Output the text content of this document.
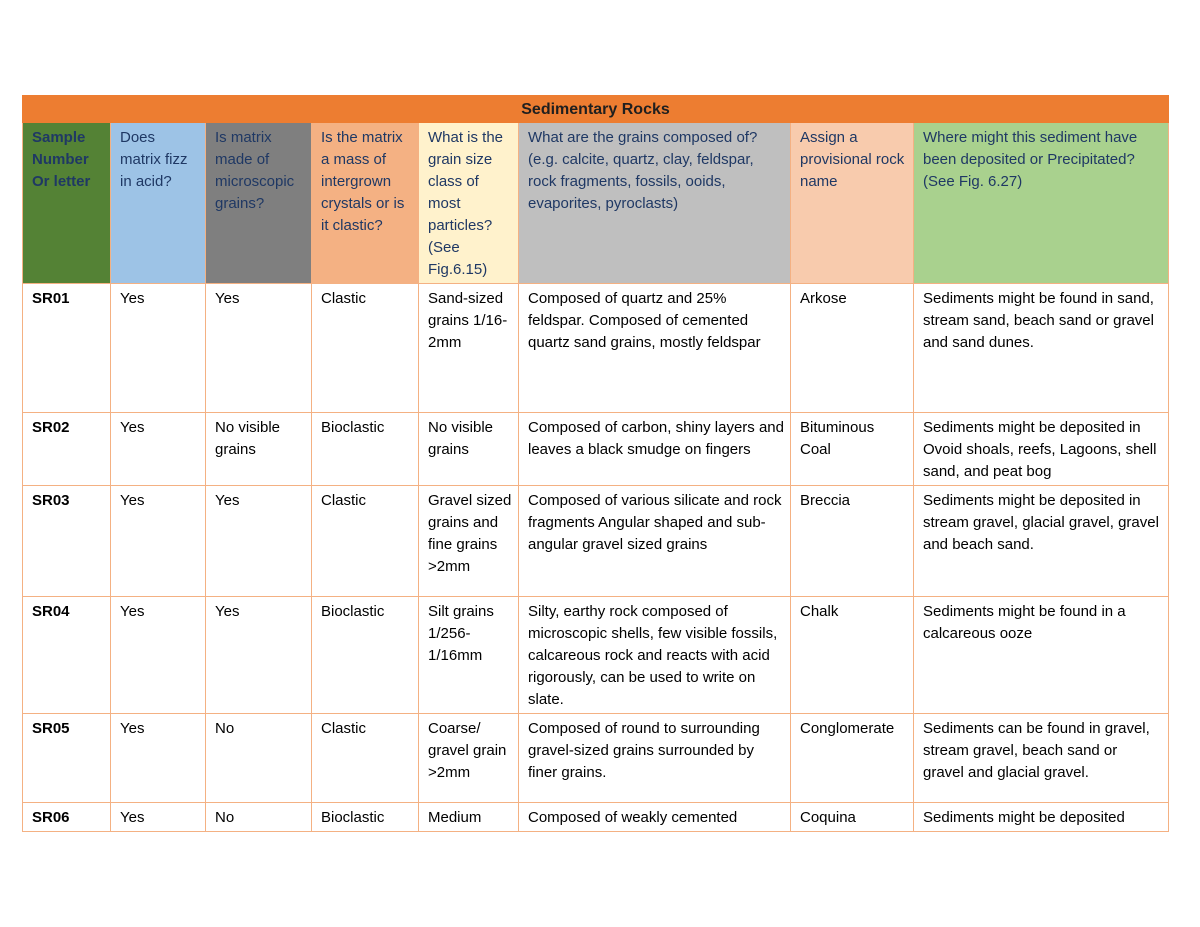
Sedimentary Rocks							
Sample Number Or letter	Does matrix fizz in acid?	Is matrix made of microscopic grains?	Is the matrix a mass of intergrown crystals or is it clastic?	What is the grain size class of most particles? (See Fig.6.15)	What are the grains composed of? (e.g. calcite, quartz, clay, feldspar, rock fragments, fossils, ooids, evaporites, pyroclasts)	Assign a provisional rock name	Where might this sediment have been deposited or Precipitated? (See Fig. 6.27)
SR01	Yes	Yes	Clastic	Sand-sized grains 1/16-2mm	Composed of quartz and 25% feldspar. Composed of cemented quartz sand grains, mostly feldspar	Arkose	Sediments might be found in sand, stream sand, beach sand or gravel and sand dunes.
SR02	Yes	No visible grains	Bioclastic	No visible grains	Composed of carbon, shiny layers and leaves a black smudge on fingers	Bituminous Coal	Sediments might be deposited in Ovoid shoals, reefs, Lagoons, shell sand, and peat bog
SR03	Yes	Yes	Clastic	Gravel sized grains and fine grains >2mm	Composed of various silicate and rock fragments Angular shaped and sub-angular gravel sized grains	Breccia	Sediments might be deposited in stream gravel, glacial gravel, gravel and beach sand.
SR04	Yes	Yes	Bioclastic	Silt grains 1/256-1/16mm	Silty, earthy rock composed of microscopic shells, few visible fossils, calcareous rock and reacts with acid rigorously, can be used to write on slate.	Chalk	Sediments might be found in a calcareous ooze
SR05	Yes	No	Clastic	Coarse/ gravel grain >2mm	Composed of round to surrounding gravel-sized grains surrounded by finer grains.	Conglomerate	Sediments can be found in gravel, stream gravel, beach sand or gravel and glacial gravel.
SR06	Yes	No	Bioclastic	Medium	Composed of weakly cemented	Coquina	Sediments might be deposited
